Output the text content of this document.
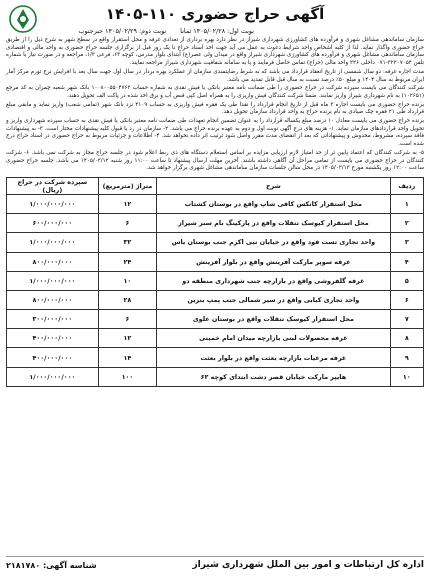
آگهی حراج حضوری ۱۱۰-۱۴۰۵
نوبت اول: ۱۴۰۵/۰۲/۲۸ ثمانا
نوبت دوم: ۱۴۰۵/۰۲/۲۹ خبرجنوب

سازمان ساماندهی مشاغل شهری و فرآورده های کشاورزی شهرداری شیراز در نظر دارد بهره برداری از تعدادی غرفه و محل استقرار واقع در سطح شهر به شرح ذیل را از طریق حراج حضوری واگذار نماید. لذا از کلیه اشخاص واجد شرایط دعوت به عمل می آید جهت اخذ اسناد حراج تا یک روز قبل از برگزاری جلسه حراج حضوری به واحد مالی و اقتصادی سازمان ساماندهی مشاغل شهری و فرآورده های کشاورزی شهرداری شیراز واقع در میدان ولی عصر(ع) ابتدای بلوار مدرس، کوچه ۶۳، فرعی ۱/۳، مراجعه و در صورت نیاز با شماره تلفن ۳۲۳۰۷۰۵۴-۰۷۱ داخلی ۲۲۶ واحد مالی (حراج) تماس حاصل فرمایند و یا به سامانه شفافیت شهرداری شیراز مراجعه نمایند.

مدت اجاره غرفه: دو سال شمسی از تاریخ انعقاد قرارداد می باشد که به شرط رضایتمندی سازمان از عملکرد بهره بردار در سال اول جهت سال بعد با افزایش نرخ تورم مرکز آمار ایران مربوط به سال ۱۴۰۴ و مبلغ ۵۰٪ درصد نسبت به سال قبل قابل تمدید می باشد.

شرکت کنندگان می بایست سپرده شرکت در حراج حضوری را طی ضمانت نامه معتبر بانکی یا فیش نقدی به شماره حساب ۱۰۰۸۰۰۵۵۰۴۷۶۲ بانک شهر شعبه چمران به کد مرجع (۱۰۲۶۵۱) به نام شهرداری شیراز واریز نمایند. ضمنا شرکت کنندگان فیش واریزی را به همراه اصل کپی قبض آب و برق اخذ شده در پاکت الف تحویل دهند.

برنده حراج حضوری می بایست اجاره ۳ ماه قبل از تاریخ انجام قرارداد را نقدا طی یک فقره فیش واریزی به حساب ۴۱۰۹ نزد بانک شهر (تمامی شعب) واریز نماید و مابقی مبلغ قرارداد طی ۲۱ فقره چک صیادی به نام برنده حراج به واحد قرارداد سازمان تحویل دهد.

برنده حراج حضوری می بایست معادل ۱۰ درصد مبلغ یکساله قرارداد را به عنوان تضمین انجام تعهدات طی ضمانت نامه معتبر بانکی یا فیش نقدی به حساب سپرده شهرداری واریز و تحویل واحد قراردادهای سازمان نماید. ۱- هزینه های درج آگهی نوبت اول و دوم به عهده برنده حراج می باشد. ۲- سازمان در رد یا قبول کلیه پیشنهادات مختار است. ۳- به پیشنهادات فاقد سپرده، مشروط، مخدوش و پیشنهاداتی که بعد از انقضای مدت مقرر واصل شود ترتیب اثر داده نخواهد شد. ۴- اطلاعات و جزئیات مربوط به حراج حضوری در اسناد حراج درج شده است.

۵- به شرکت کنندگان که اعتماد پایین تر از حد امتیاز لازم ارزیابی مزایده بر اساس استعلام دستگاه های ذی ربط اعلام شود در جلسه حراج مجاز به شرکت نمی باشد. ۶- شرکت کنندگان در حراج حضوری می بایست از تمامی مراحل آن آگاهی داشته باشند. آخرین مهلت ارسال پیشنهاد تا ساعت ۱۱:۰۰ روز شنبه ۱۴۰۵/۰۳/۱۲ می باشد. جلسه حراج حضوری ساعت ۱۲:۰۰ روز یکشنبه مورخ ۱۴۰۵/۰۳/۱۳ در محل سالن جلسات سازمان ساماندهی مشاغل شهری برگزار خواهد شد.

ردیف	شرح	متراژ (مترمربع)	سپرده شرکت در حراج (ریال)
۱	محل استقرار کانکس کافی شاپ واقع در بوستان کشتاب	۱۲	۱/۰۰۰/۰۰۰/۰۰۰
۲	محل استقرار کیوسک تنقلات واقع در پارکینگ بام سبز شیراز	۶	۶۰۰/۰۰۰/۰۰۰
۳	واحد تجاری تست فود واقع در خیابان نبی اکرم جنب بوستان یاس	۳۲	۱/۰۰۰/۰۰۰/۰۰۰
۴	غرفه سوپر مارکت آفرینش واقع در بلوار آفرینش	۲۴	۸۰۰/۰۰۰/۰۰۰
۵	غرفه گلفروشی واقع در بازارچه جنب شهرداری منطقه دو	۱۰	۱/۰۰۰/۰۰۰/۰۰۰
۶	واحد تجاری کبابی واقع در سیر شمالی جنب پمپ بنزین	۲۸	۸۰۰/۰۰۰/۰۰۰
۷	محل استقرار کیوسک تنقلات واقع در بوستان علوی	۶	۳۰۰/۰۰۰/۰۰۰
۸	غرفه محصولات لبنی بازارچه میدان امام خمینی	۱۲	۴۰۰/۰۰۰/۰۰۰
۹	غرفه مرغیات بازارچه بعثت واقع در بلوار بعثت	۱۴	۴۰۰/۰۰۰/۰۰۰
۱۰	هایپر مارکت خیابان قصر دشت ابتدای کوچه ۶۲	۱۰۰	۱/۰۰۰/۰۰۰/۰۰۰
اداره کل ارتباطات و امور بین الملل شهرداری شیراز
شناسه آگهی: ۲۱۸۱۷۸۰
